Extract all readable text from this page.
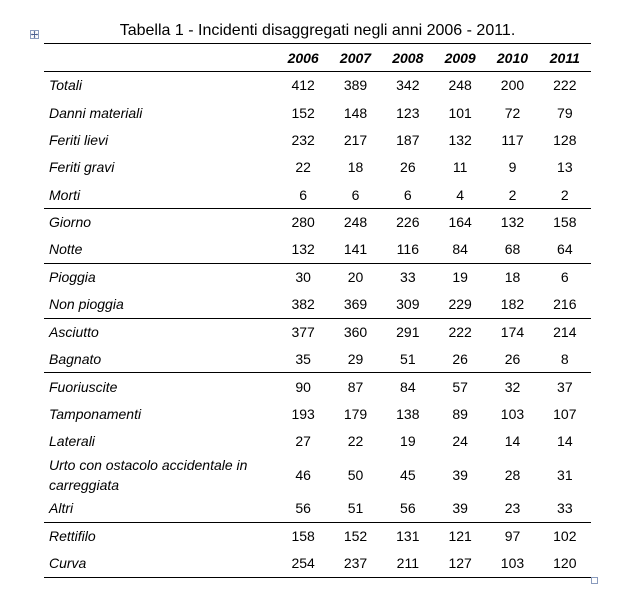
Tabella 1 - Incidenti disaggregati negli anni 2006 - 2011.
	2006	2007	2008	2009	2010	2011
Totali	412	389	342	248	200	222
Danni materiali	152	148	123	101	72	79
Feriti lievi	232	217	187	132	117	128
Feriti gravi	22	18	26	11	9	13
Morti	6	6	6	4	2	2
Giorno	280	248	226	164	132	158
Notte	132	141	116	84	68	64
Pioggia	30	20	33	19	18	6
Non pioggia	382	369	309	229	182	216
Asciutto	377	360	291	222	174	214
Bagnato	35	29	51	26	26	8
Fuoriuscite	90	87	84	57	32	37
Tamponamenti	193	179	138	89	103	107
Laterali	27	22	19	24	14	14
Urto con ostacolo accidentale in carreggiata	46	50	45	39	28	31
Altri	56	51	56	39	23	33
Rettifilo	158	152	131	121	97	102
Curva	254	237	211	127	103	120
